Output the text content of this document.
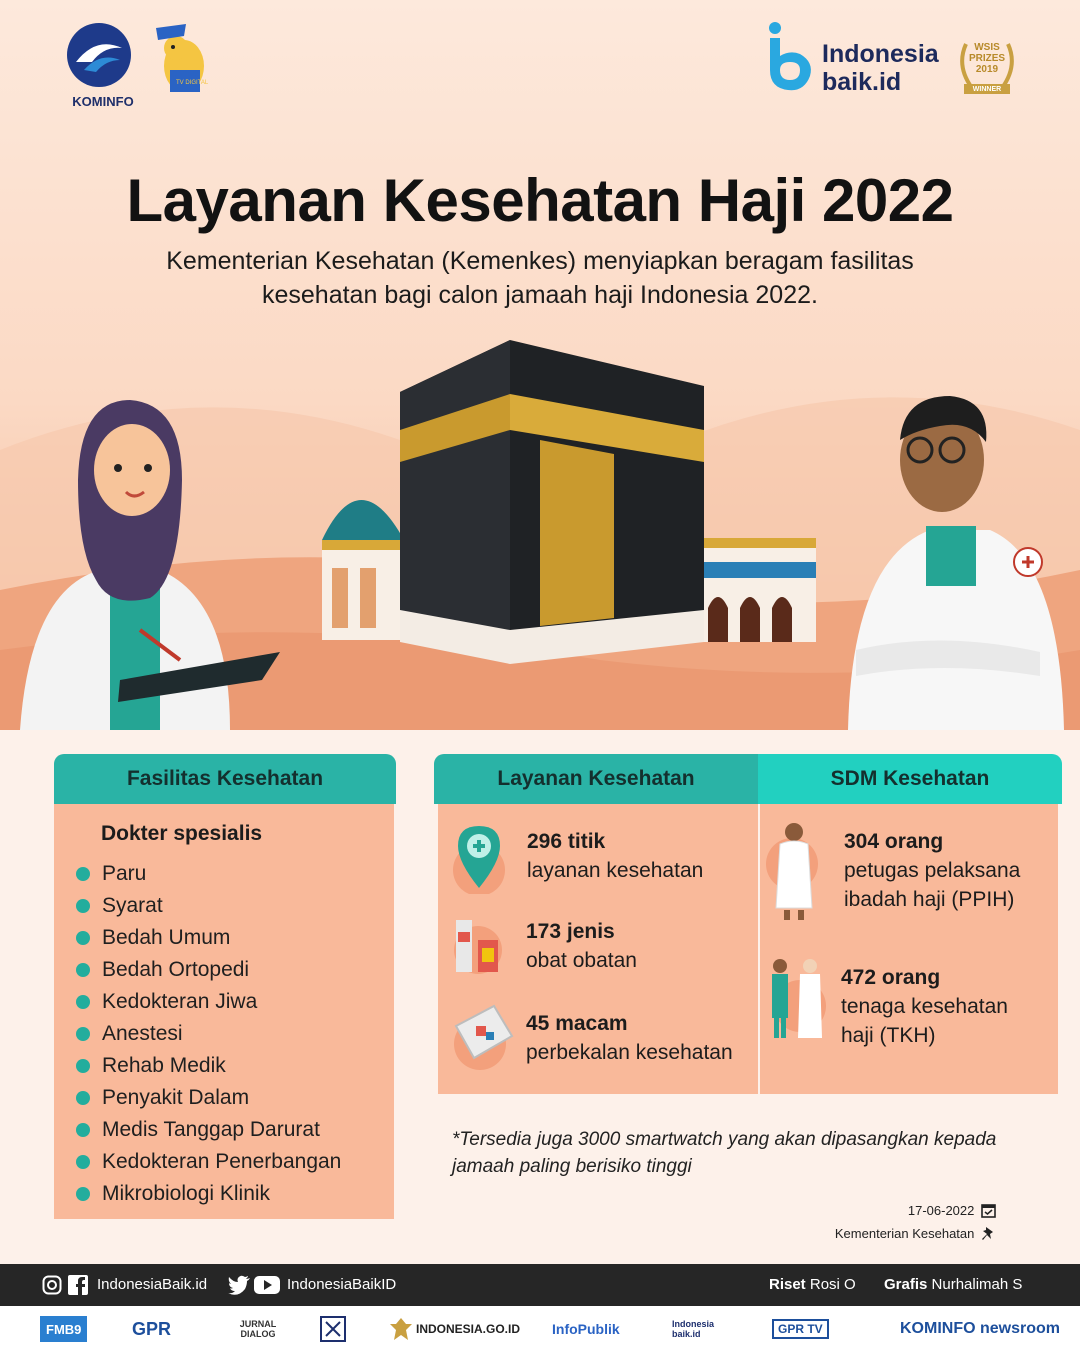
KOMINFO
TV DIGITAL
Indonesia
baik.id
WSIS
PRIZES
2019
WINNER
Layanan Kesehatan Haji 2022
Kementerian Kesehatan (Kemenkes) menyiapkan beragam fasilitas kesehatan bagi calon jamaah haji Indonesia 2022.
Fasilitas Kesehatan
Dokter spesialis
Paru
Syarat
Bedah Umum
Bedah Ortopedi
Kedokteran Jiwa
Anestesi
Rehab Medik
Penyakit Dalam
Medis Tanggap Darurat
Kedokteran Penerbangan
Mikrobiologi Klinik
Layanan Kesehatan
296 titik
layanan kesehatan
173 jenis
obat obatan
45 macam
perbekalan kesehatan
SDM Kesehatan
304 orang
petugas pelaksana
ibadah haji (PPIH)
472 orang
tenaga kesehatan
haji (TKH)
*Tersedia juga 3000 smartwatch yang akan dipasangkan kepada jamaah paling berisiko tinggi
17-06-2022
Kementerian Kesehatan
IndonesiaBaik.id	IndonesiaBaikID	Riset Rosi O Grafis Nurhalimah S
FMB9	GPR	JURNAL DIALOG	INDONESIA.GO.ID InfoPublik	Indonesia baik.id	GPR TV	KOMINFO newsroom
